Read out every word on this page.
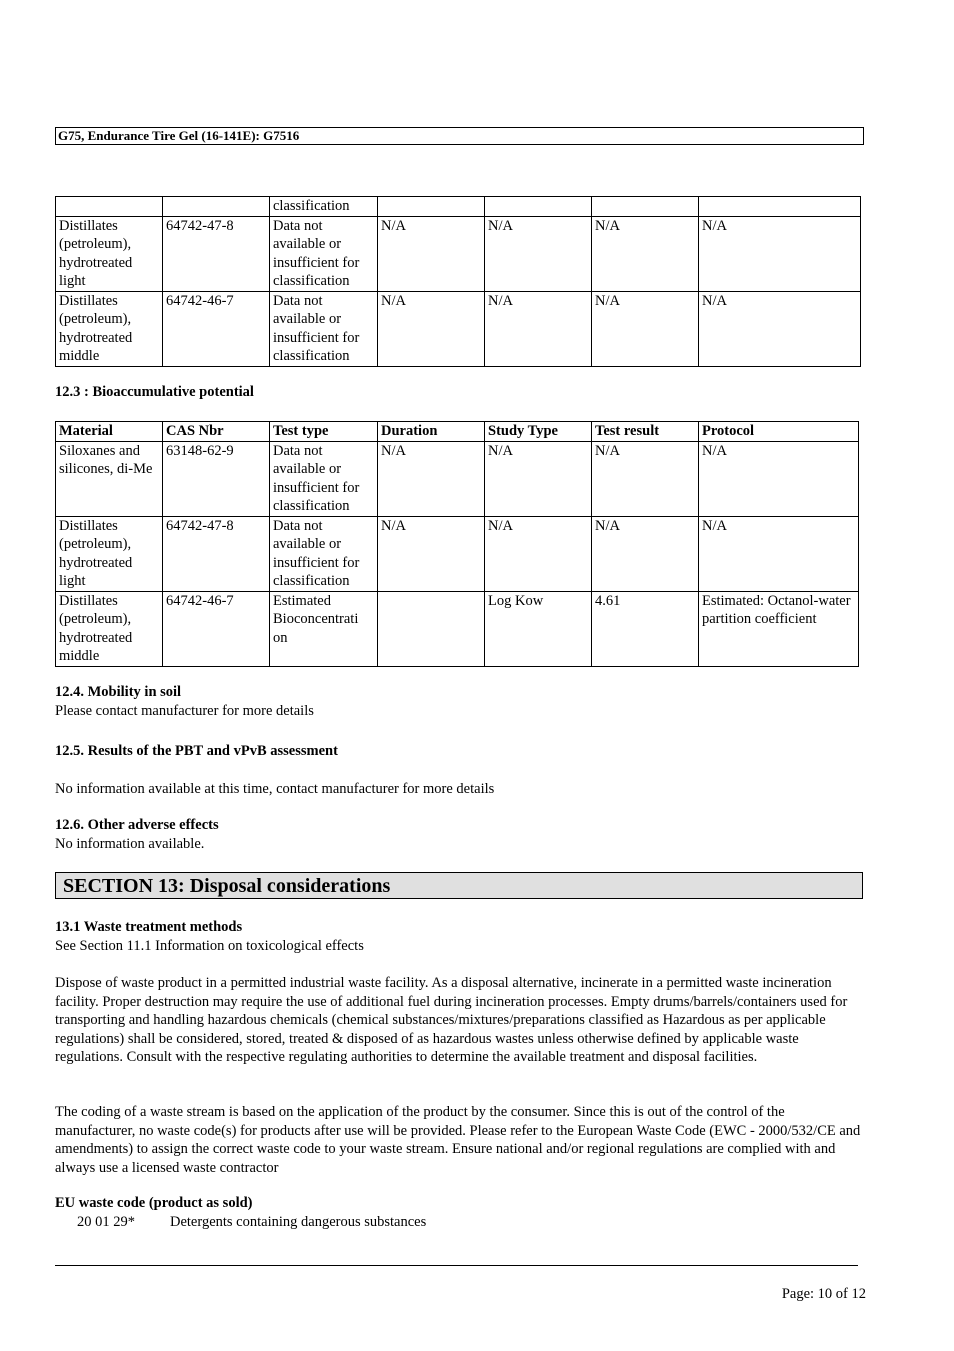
G75, Endurance Tire Gel (16-141E): G7516
		classification				
Distillates (petroleum), hydrotreated light	64742-47-8	Data not available or insufficient for classification	N/A	N/A	N/A	N/A
Distillates (petroleum), hydrotreated middle	64742-46-7	Data not available or insufficient for classification	N/A	N/A	N/A	N/A
12.3 : Bioaccumulative potential
Material	CAS Nbr	Test type	Duration	Study Type	Test result	Protocol
Siloxanes and silicones, di-Me	63148-62-9	Data not available or insufficient for classification	N/A	N/A	N/A	N/A
Distillates (petroleum), hydrotreated light	64742-47-8	Data not available or insufficient for classification	N/A	N/A	N/A	N/A
Distillates (petroleum), hydrotreated middle	64742-46-7	Estimated Bioconcentrati on		Log Kow	4.61	Estimated: Octanol-water partition coefficient
12.4. Mobility in soil
Please contact manufacturer for more details
12.5. Results of the PBT and vPvB assessment
No information available at this time, contact manufacturer for more details
12.6. Other adverse effects
No information available.
SECTION 13: Disposal considerations
13.1 Waste treatment methods
See Section 11.1 Information on toxicological effects
Dispose of waste product in a permitted industrial waste facility. As a disposal alternative, incinerate in a permitted waste incineration facility. Proper destruction may require the use of additional fuel during incineration processes. Empty drums/barrels/containers used for transporting and handling hazardous chemicals (chemical substances/mixtures/preparations classified as Hazardous as per applicable regulations) shall be considered, stored, treated & disposed of as hazardous wastes unless otherwise defined by applicable waste regulations. Consult with the respective regulating authorities to determine the available treatment and disposal facilities.
The coding of a waste stream is based on the application of the product by the consumer. Since this is out of the control of the manufacturer, no waste code(s) for products after use will be provided. Please refer to the European Waste Code (EWC - 2000/532/CE and amendments) to assign the correct waste code to your waste stream. Ensure national and/or regional regulations are complied with and always use a licensed waste contractor
EU waste code (product as sold)
20 01 29*	Detergents containing dangerous substances
Page: 10 of 12
